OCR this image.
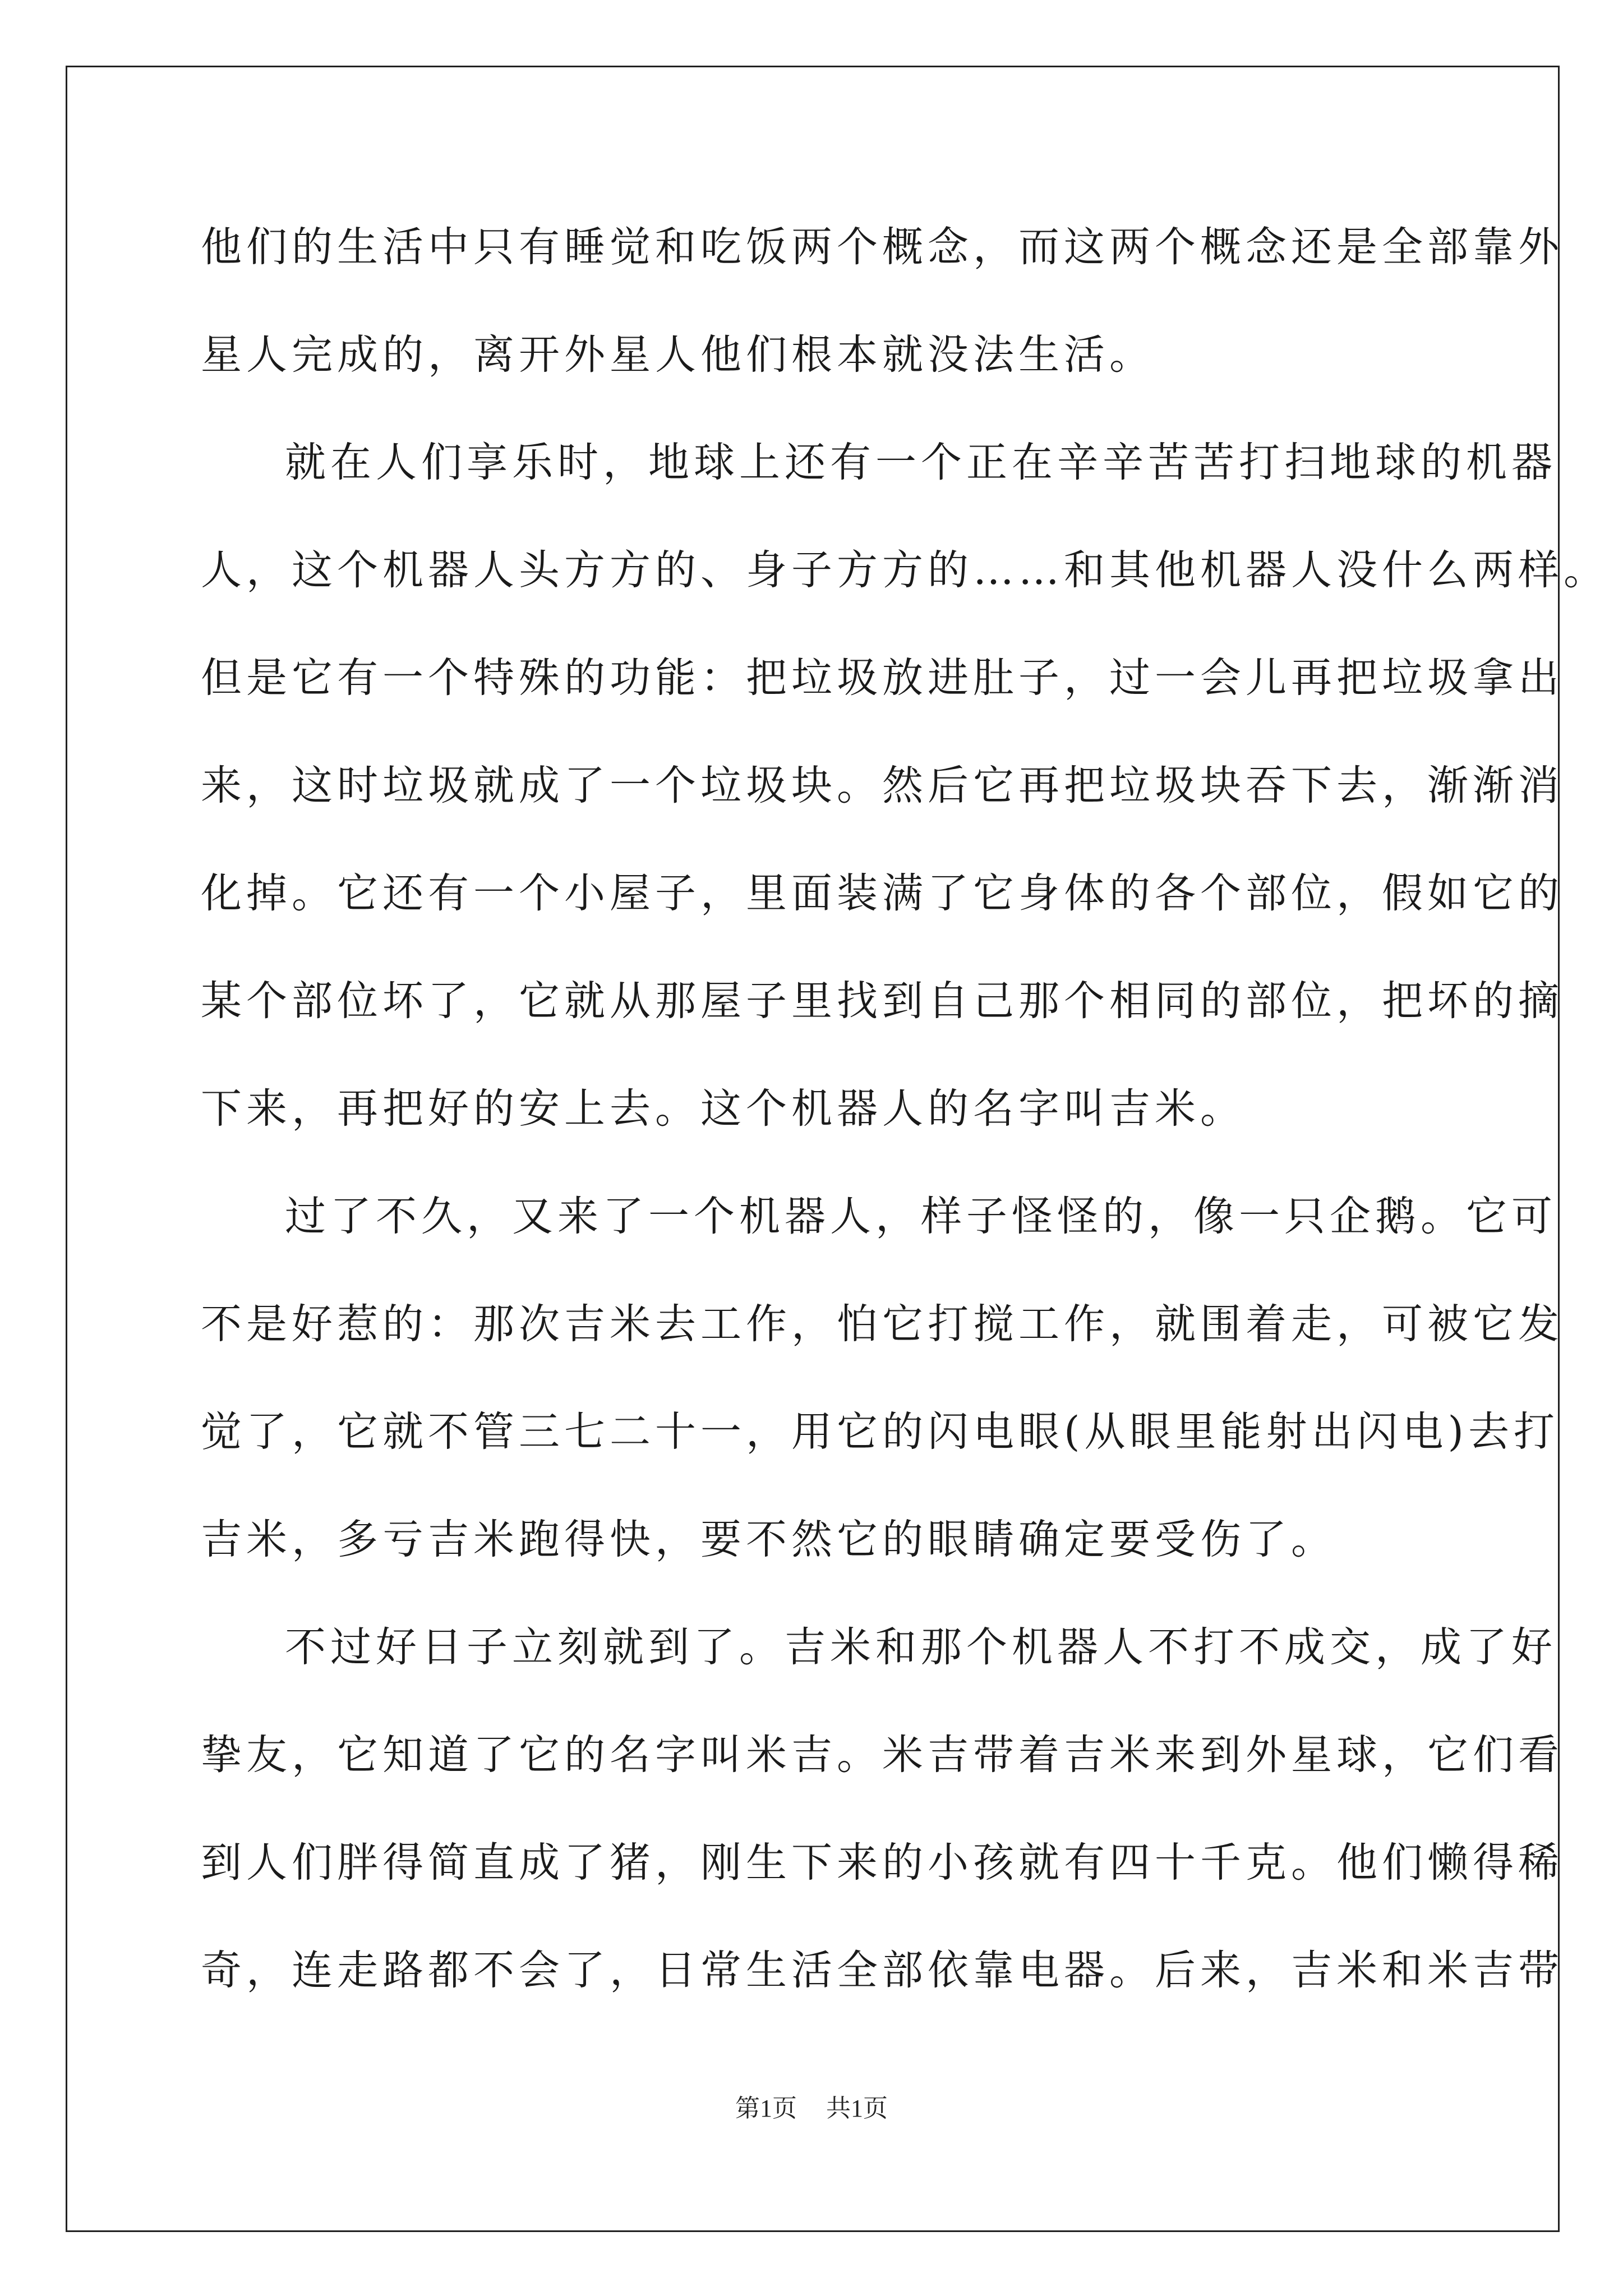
他们的生活中只有睡觉和吃饭两个概念，而这两个概念还是全部靠外
星人完成的，离开外星人他们根本就没法生活。
就在人们享乐时，地球上还有一个正在辛辛苦苦打扫地球的机器
人，这个机器人头方方的、身子方方的……和其他机器人没什么两样。
但是它有一个特殊的功能：把垃圾放进肚子，过一会儿再把垃圾拿出
来，这时垃圾就成了一个垃圾块。然后它再把垃圾块吞下去，渐渐消
化掉。它还有一个小屋子，里面装满了它身体的各个部位，假如它的
某个部位坏了，它就从那屋子里找到自己那个相同的部位，把坏的摘
下来，再把好的安上去。这个机器人的名字叫吉米。
过了不久，又来了一个机器人，样子怪怪的，像一只企鹅。它可
不是好惹的：那次吉米去工作，怕它打搅工作，就围着走，可被它发
觉了，它就不管三七二十一，用它的闪电眼(从眼里能射出闪电)去打
吉米，多亏吉米跑得快，要不然它的眼睛确定要受伤了。
不过好日子立刻就到了。吉米和那个机器人不打不成交，成了好
挚友，它知道了它的名字叫米吉。米吉带着吉米来到外星球，它们看
到人们胖得简直成了猪，刚生下来的小孩就有四十千克。他们懒得稀
奇，连走路都不会了，日常生活全部依靠电器。后来，吉米和米吉带
第1页 共1页
